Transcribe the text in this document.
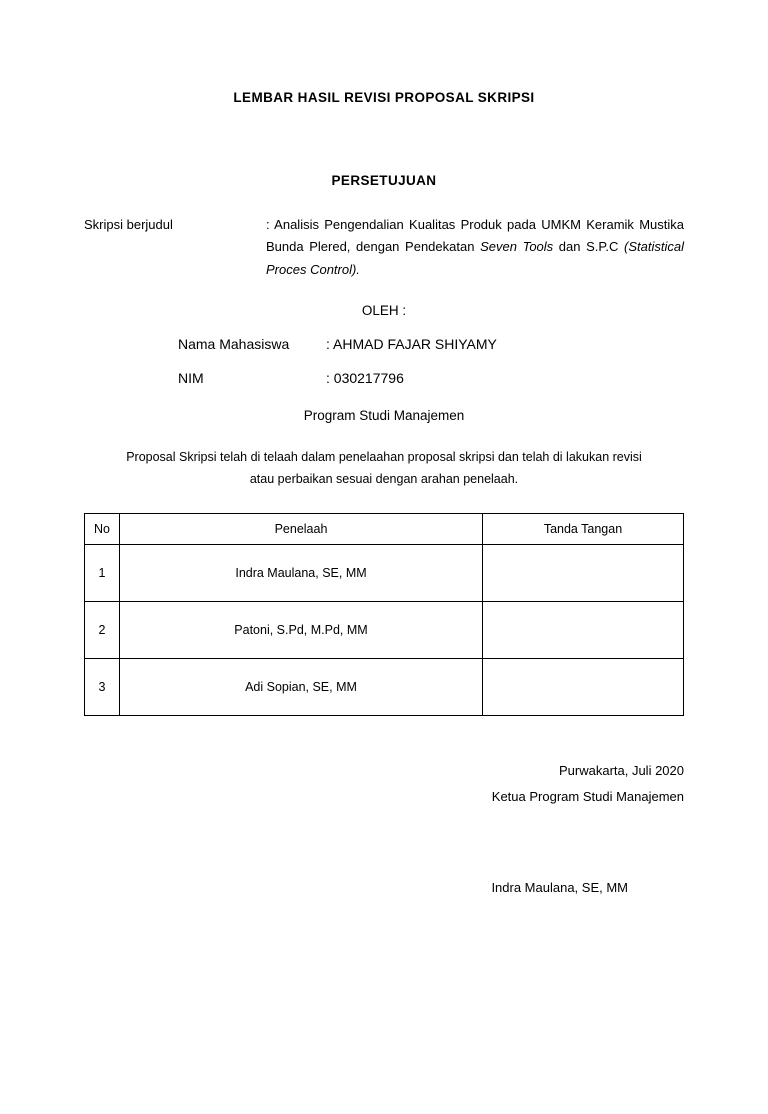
LEMBAR HASIL REVISI PROPOSAL SKRIPSI
PERSETUJUAN
Skripsi berjudul	: Analisis Pengendalian Kualitas Produk pada UMKM Keramik Mustika Bunda Plered, dengan Pendekatan Seven Tools dan S.P.C (Statistical Proces Control).
OLEH :
Nama Mahasiswa	: AHMAD FAJAR SHIYAMY
NIM	: 030217796
Program Studi Manajemen
Proposal Skripsi telah di telaah dalam penelaahan proposal skripsi dan telah di lakukan revisi
atau perbaikan sesuai dengan arahan penelaah.
No	Penelaah	Tanda Tangan
1	Indra Maulana, SE, MM	
2	Patoni, S.Pd, M.Pd, MM	
3	Adi Sopian, SE, MM	
Purwakarta, Juli 2020
Ketua Program Studi Manajemen
Indra Maulana, SE, MM
